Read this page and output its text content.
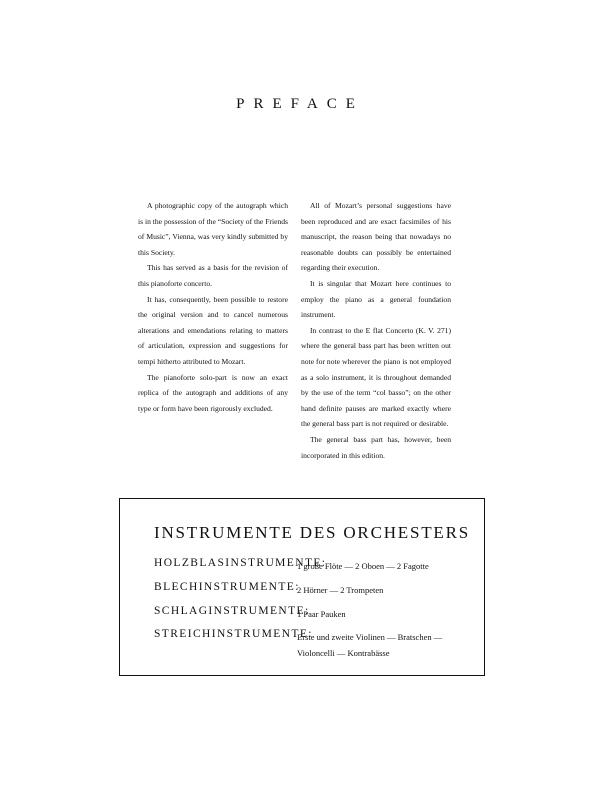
PREFACE

A photographic copy of the autograph which is in the possession of the “Society of the Friends of Music”, Vienna, was very kindly submitted by this Society.

This has served as a basis for the revision of this pianoforte concerto.

It has, consequently, been possible to restore the original version and to cancel numerous alterations and emendations relating to matters of articulation, expression and suggestions for tempi hitherto attributed to Mozart.

The pianoforte solo-part is now an exact replica of the autograph and additions of any type or form have been rigorously excluded.

All of Mozart’s personal suggestions have been reproduced and are exact facsimiles of his manuscript, the reason being that nowadays no reasonable doubts can possibly be entertained regarding their execution.

It is singular that Mozart here continues to employ the piano as a general foundation instrument.

In contrast to the E flat Concerto (K. V. 271) where the general bass part has been written out note for note wherever the piano is not employed as a solo instrument, it is throughout demanded by the use of the term “col basso”; on the other hand definite pauses are marked exactly where the general bass part is not required or desirable.

The general bass part has, however, been incorporated in this edition.

INSTRUMENTE DES ORCHESTERS
HOLZBLASINSTRUMENTE:
1 große Flöte — 2 Oboen — 2 Fagotte
BLECHINSTRUMENTE:
2 Hörner — 2 Trompeten
SCHLAGINSTRUMENTE:
1 Paar Pauken
STREICHINSTRUMENTE:
Erste und zweite Violinen — Bratschen — Violoncelli — Kontrabässe
